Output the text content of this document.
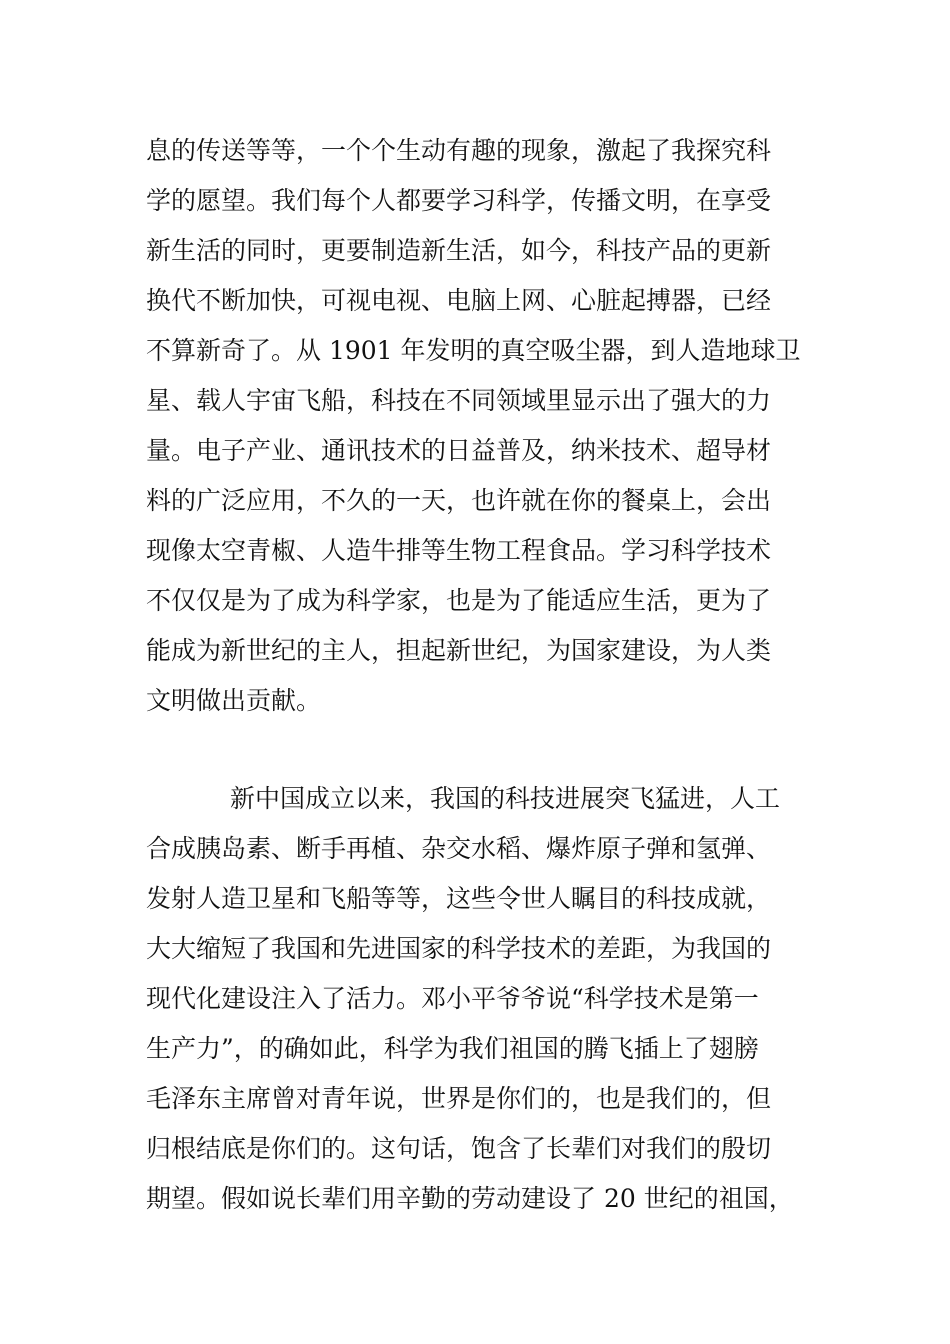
息的传送等等，一个个生动有趣的现象，激起了我探究科
学的愿望。我们每个人都要学习科学，传播文明，在享受
新生活的同时，更要制造新生活，如今，科技产品的更新
换代不断加快，可视电视、电脑上网、心脏起搏器，已经
不算新奇了。从 1901 年发明的真空吸尘器，到人造地球卫
星、载人宇宙飞船，科技在不同领域里显示出了强大的力
量。电子产业、通讯技术的日益普及，纳米技术、超导材
料的广泛应用，不久的一天，也许就在你的餐桌上，会出
现像太空青椒、人造牛排等生物工程食品。学习科学技术
不仅仅是为了成为科学家，也是为了能适应生活，更为了
能成为新世纪的主人，担起新世纪，为国家建设，为人类
文明做出贡献。
新中国成立以来，我国的科技进展突飞猛进，人工
合成胰岛素、断手再植、杂交水稻、爆炸原子弹和氢弹、
发射人造卫星和飞船等等，这些令世人瞩目的科技成就，
大大缩短了我国和先进国家的科学技术的差距，为我国的
现代化建设注入了活力。邓小平爷爷说“科学技术是第一
生产力”，的确如此，科学为我们祖国的腾飞插上了翅膀
毛泽东主席曾对青年说，世界是你们的，也是我们的，但
归根结底是你们的。这句话，饱含了长辈们对我们的殷切
期望。假如说长辈们用辛勤的劳动建设了 20 世纪的祖国，
